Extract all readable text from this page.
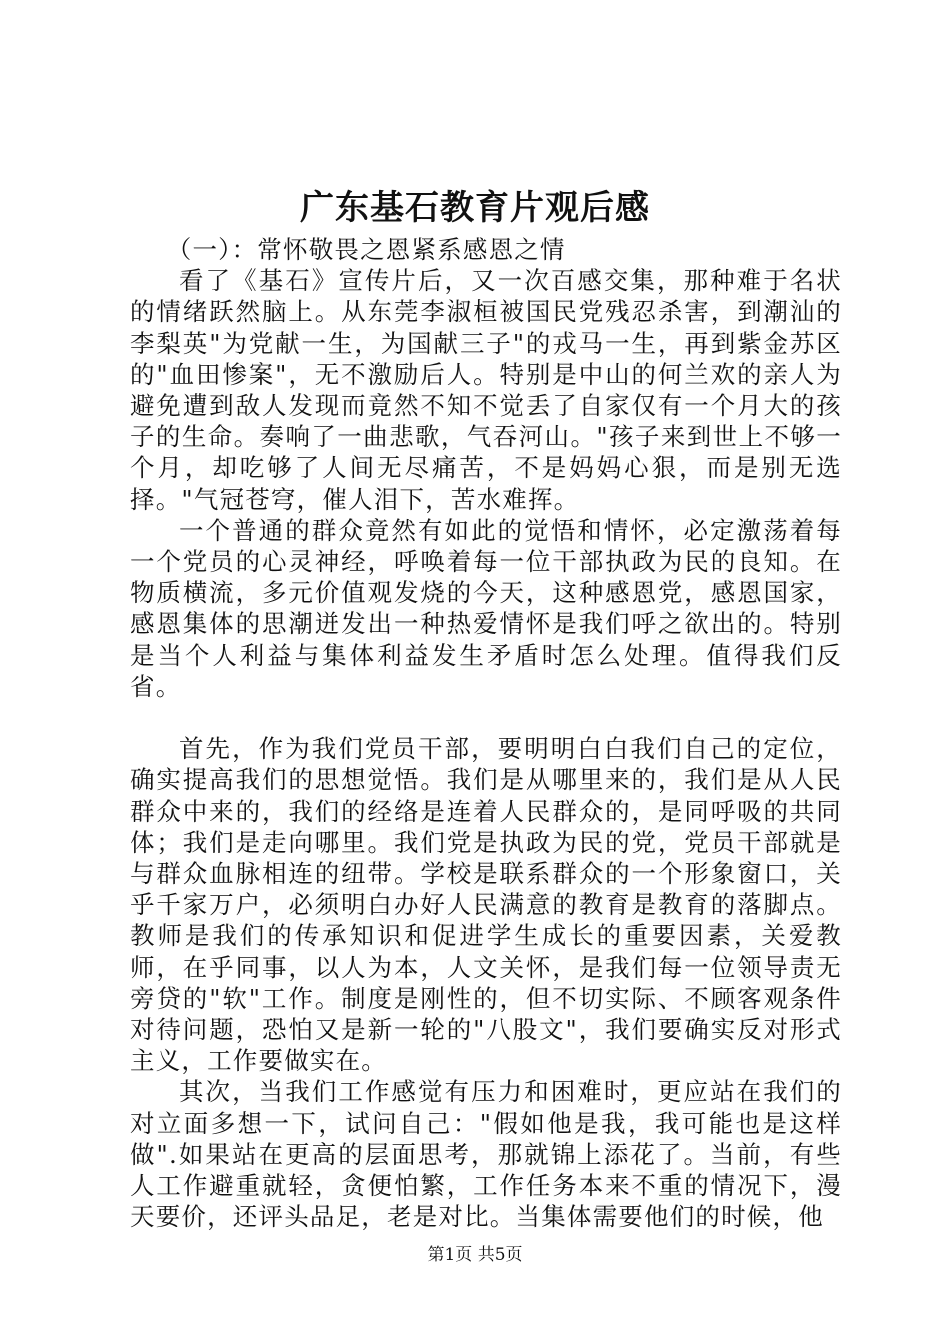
广东基石教育片观后感

（一）：常怀敬畏之恩紧系感恩之情

看了《基石》宣传片后，又一次百感交集，那种难于名状的情绪跃然脑上。从东莞李淑桓被国民党残忍杀害，到潮汕的李梨英"为党献一生，为国献三子"的戎马一生，再到紫金苏区的"血田惨案"，无不激励后人。特别是中山的何兰欢的亲人为避免遭到敌人发现而竟然不知不觉丢了自家仅有一个月大的孩子的生命。奏响了一曲悲歌，气吞河山。"孩子来到世上不够一个月，却吃够了人间无尽痛苦，不是妈妈心狠，而是别无选择。"气冠苍穹，催人泪下，苦水难挥。

一个普通的群众竟然有如此的觉悟和情怀，必定激荡着每一个党员的心灵神经，呼唤着每一位干部执政为民的良知。在物质横流，多元价值观发烧的今天，这种感恩党，感恩国家，感恩集体的思潮迸发出一种热爱情怀是我们呼之欲出的。特别是当个人利益与集体利益发生矛盾时怎么处理。值得我们反省。

首先，作为我们党员干部，要明明白白我们自己的定位，确实提高我们的思想觉悟。我们是从哪里来的，我们是从人民群众中来的，我们的经络是连着人民群众的，是同呼吸的共同体；我们是走向哪里。我们党是执政为民的党，党员干部就是与群众血脉相连的纽带。学校是联系群众的一个形象窗口，关乎千家万户，必须明白办好人民满意的教育是教育的落脚点。教师是我们的传承知识和促进学生成长的重要因素，关爱教师，在乎同事，以人为本，人文关怀，是我们每一位领导责无旁贷的"软"工作。制度是刚性的，但不切实际、不顾客观条件对待问题，恐怕又是新一轮的"八股文"，我们要确实反对形式主义，工作要做实在。

其次，当我们工作感觉有压力和困难时，更应站在我们的对立面多想一下，试问自己："假如他是我，我可能也是这样做".如果站在更高的层面思考，那就锦上添花了。当前，有些人工作避重就轻，贪便怕繁，工作任务本来不重的情况下，漫天要价，还评头品足，老是对比。当集体需要他们的时候，他

第1页 共5页
